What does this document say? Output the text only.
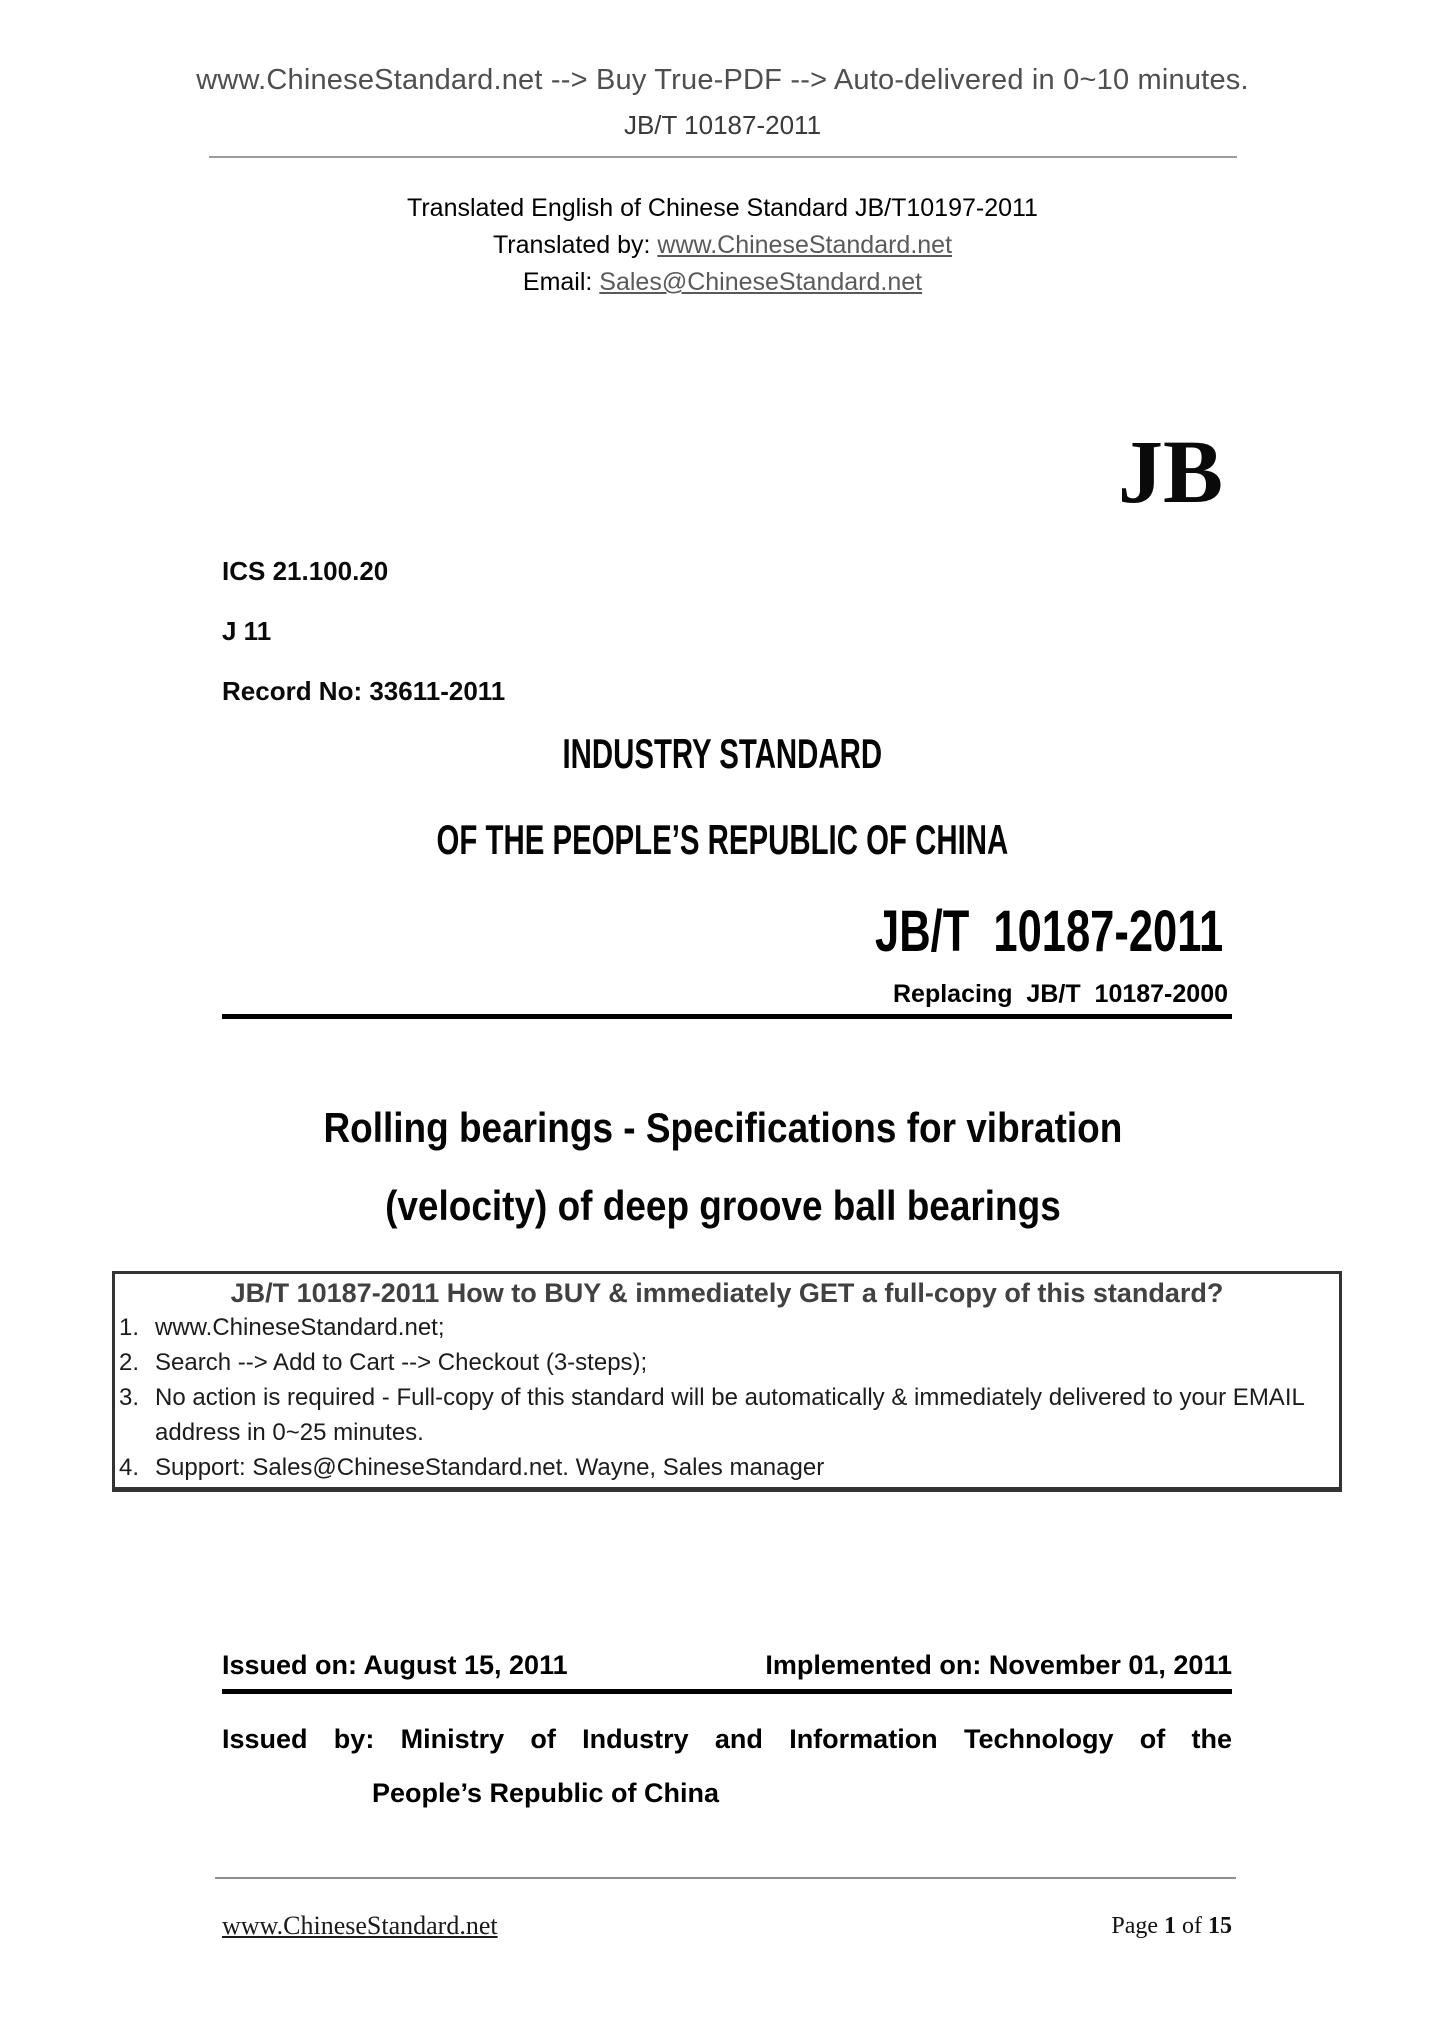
www.ChineseStandard.net --> Buy True-PDF --> Auto-delivered in 0~10 minutes.
JB/T 10187-2011
Translated English of Chinese Standard JB/T10197-2011
Translated by: www.ChineseStandard.net
Email: Sales@ChineseStandard.net
JB
ICS 21.100.20
J 11
Record No: 33611-2011
INDUSTRY STANDARD
OF THE PEOPLE’S REPUBLIC OF CHINA
JB/T 10187-2011
Replacing JB/T 10187-2000
Rolling bearings - Specifications for vibration
(velocity) of deep groove ball bearings
JB/T 10187-2011 How to BUY & immediately GET a full-copy of this standard?
1. www.ChineseStandard.net;
2. Search --> Add to Cart --> Checkout (3-steps);
3. No action is required - Full-copy of this standard will be automatically & immediately delivered to your EMAIL address in 0~25 minutes.
4. Support: Sales@ChineseStandard.net. Wayne, Sales manager
Issued on: August 15, 2011	Implemented on: November 01, 2011
Issued by: Ministry of Industry and Information Technology of the
People’s Republic of China
www.ChineseStandard.net	Page 1 of 15
